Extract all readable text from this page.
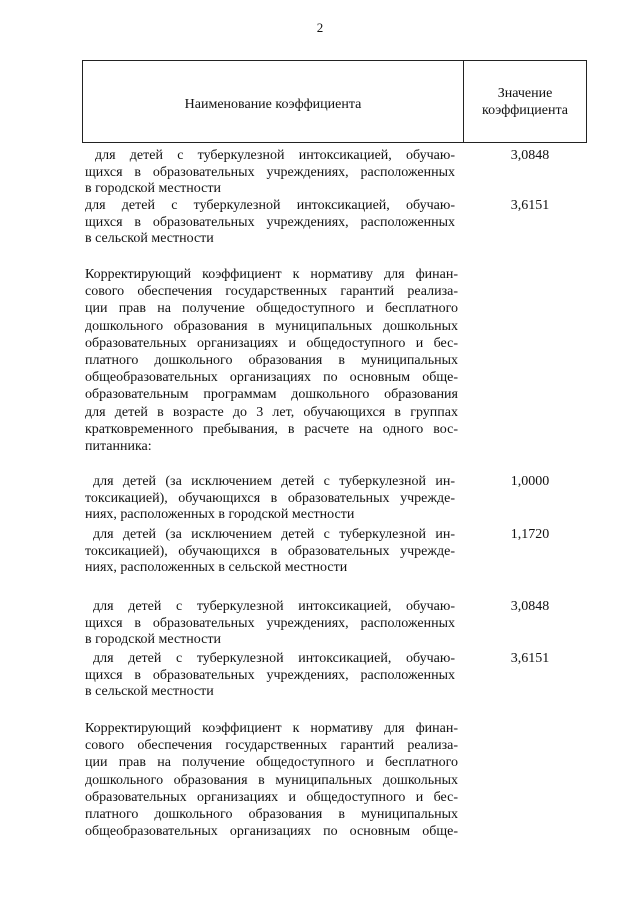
2
Наименование коэффициента
Значение
коэффициента
для детей с туберкулезной интоксикацией, обучаю-
щихся в образовательных учреждениях, расположенных
в городской местности
3,0848
для детей с туберкулезной интоксикацией, обучаю-
щихся в образовательных учреждениях, расположенных
в сельской местности
3,6151
Корректирующий коэффициент к нормативу для финан-
сового обеспечения государственных гарантий реализа-
ции прав на получение общедоступного и бесплатного
дошкольного образования в муниципальных дошкольных
образовательных организациях и общедоступного и бес-
платного дошкольного образования в муниципальных
общеобразовательных организациях по основным обще-
образовательным программам дошкольного образования
для детей в возрасте до 3 лет, обучающихся в группах
кратковременного пребывания, в расчете на одного вос-
питанника:
для детей (за исключением детей с туберкулезной ин-
токсикацией), обучающихся в образовательных учрежде-
ниях, расположенных в городской местности
1,0000
для детей (за исключением детей с туберкулезной ин-
токсикацией), обучающихся в образовательных учрежде-
ниях, расположенных в сельской местности
1,1720
для детей с туберкулезной интоксикацией, обучаю-
щихся в образовательных учреждениях, расположенных
в городской местности
3,0848
для детей с туберкулезной интоксикацией, обучаю-
щихся в образовательных учреждениях, расположенных
в сельской местности
3,6151
Корректирующий коэффициент к нормативу для финан-
сового обеспечения государственных гарантий реализа-
ции прав на получение общедоступного и бесплатного
дошкольного образования в муниципальных дошкольных
образовательных организациях и общедоступного и бес-
платного дошкольного образования в муниципальных
общеобразовательных организациях по основным обще-
